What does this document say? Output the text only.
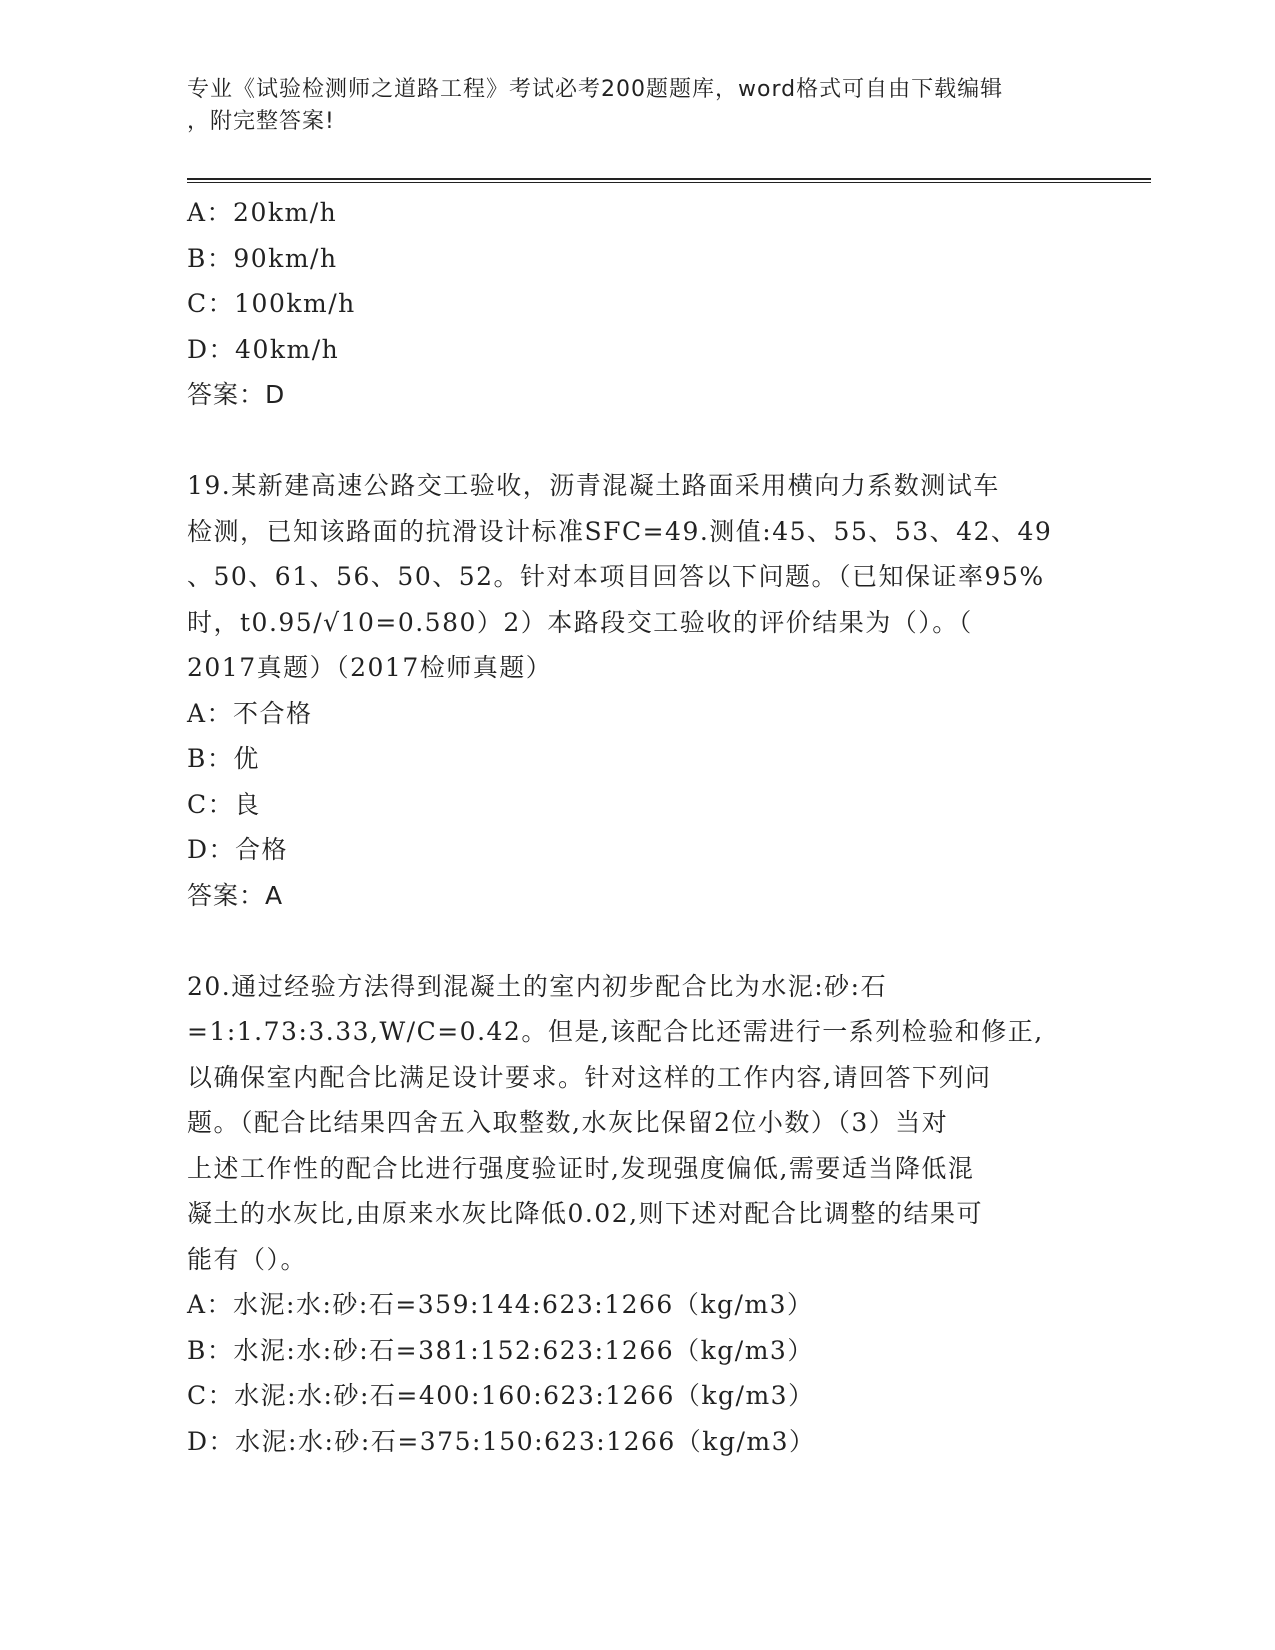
专业《试验检测师之道路工程》考试必考200题题库，word格式可自由下载编辑
，附完整答案!
A：20km/h
B：90km/h
C：100km/h
D：40km/h
答案：D
19.某新建高速公路交工验收，沥青混凝土路面采用横向力系数测试车
检测，已知该路面的抗滑设计标准SFC=49.测值:45、55、53、42、49
、50、61、56、50、52。针对本项目回答以下问题。（已知保证率95%
时，t0.95/√10=0.580）2）本路段交工验收的评价结果为（）。（
2017真题）（2017检师真题）
A：不合格
B：优
C：良
D：合格
答案：A
20.通过经验方法得到混凝土的室内初步配合比为水泥:砂:石
=1:1.73:3.33,W/C=0.42。但是,该配合比还需进行一系列检验和修正,
以确保室内配合比满足设计要求。针对这样的工作内容,请回答下列问
题。（配合比结果四舍五入取整数,水灰比保留2位小数）（3）当对
上述工作性的配合比进行强度验证时,发现强度偏低,需要适当降低混
凝土的水灰比,由原来水灰比降低0.02,则下述对配合比调整的结果可
能有（）。
A：水泥:水:砂:石=359:144:623:1266（kg/m3）
B：水泥:水:砂:石=381:152:623:1266（kg/m3）
C：水泥:水:砂:石=400:160:623:1266（kg/m3）
D：水泥:水:砂:石=375:150:623:1266（kg/m3）
